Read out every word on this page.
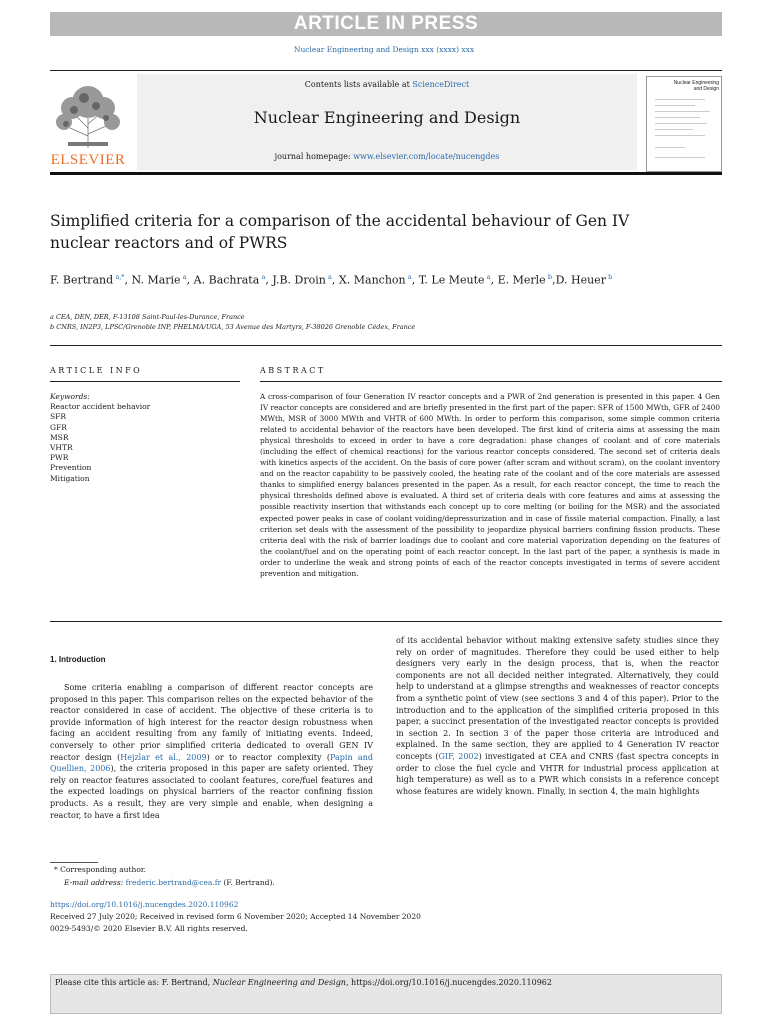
ARTICLE IN PRESS
Nuclear Engineering and Design xxx (xxxx) xxx
ELSEVIER
Contents lists available at ScienceDirect
Nuclear Engineering and Design
journal homepage: www.elsevier.com/locate/nucengdes
Nuclear Engineering and Design
Simplified criteria for a comparison of the accidental behaviour of Gen IV nuclear reactors and of PWRS
F. Bertrand  $^{a,*}$, N. Marie  $^a$, A. Bachrata  $^a$, J.B. Droin  $^a$, X. Manchon  $^a$, T. Le Meute  $^a$, E. Merle  $^b$,D. Heuer  $^b$
a CEA, DEN, DER, F-13108 Saint-Paul-les-Durance, France
b CNRS, IN2P3, LPSC/Grenoble INP, PHELMA/UGA, 53 Avenue des Martyrs, F-38026 Grenoble Cédex, France
ARTICLE INFO	ABSTRACT
Keywords:
Reactor accident behavior
SFR
GFR
MSR
VHTR
PWR
Prevention
Mitigation
A cross-comparison of four Generation IV reactor concepts and a PWR of 2nd generation is presented in this paper. 4 Gen IV reactor concepts are considered and are briefly presented in the first part of the paper: SFR of 1500 MWth, GFR of 2400 MWth, MSR of 3000 MWth and VHTR of 600 MWth. In order to perform this comparison, some simple common criteria related to accidental behavior of the reactors have been developed. The first kind of criteria aims at assessing the main physical thresholds to exceed in order to have a core degradation: phase changes of coolant and of core materials (including the effect of chemical reactions) for the various reactor concepts considered. The second set of criteria deals with kinetics aspects of the accident. On the basis of core power (after scram and without scram), on the coolant inventory and on the reactor capability to be passively cooled, the heating rate of the coolant and of the core materials are assessed thanks to simplified energy balances presented in the paper. As a result, for each reactor concept, the time to reach the physical thresholds defined above is evaluated. A third set of criteria deals with core features and aims at assessing the possible reactivity insertion that withstands each concept up to core melting (or boiling for the MSR) and the associated expected power peaks in case of coolant voiding/depressurization and in case of fissile material compaction. Finally, a last criterion set deals with the assessment of the possibility to jeopardize physical barriers confining fission products. These criteria deal with the risk of barrier loadings due to coolant and core material vaporization depending on the features of the coolant/fuel and on the operating point of each reactor concept. In the last part of the paper, a synthesis is made in order to underline the weak and strong points of each of the reactor concepts investigated in terms of severe accident prevention and mitigation.
1. Introduction

Some criteria enabling a comparison of different reactor concepts are proposed in this paper. This comparison relies on the expected behavior of the reactor considered in case of accident. The objective of these criteria is to provide information of high interest for the reactor design robustness when facing an accident resulting from any family of initiating events. Indeed, conversely to other prior simplified criteria dedicated to overall GEN IV reactor design (Hejzlar et al., 2009) or to reactor complexity (Papin and Quellien, 2006), the criteria proposed in this paper are safety oriented. They rely on reactor features associated to coolant features, core/fuel features and the expected loadings on physical barriers of the reactor confining fission products. As a result, they are very simple and enable, when designing a reactor, to have a first idea

of its accidental behavior without making extensive safety studies since they rely on order of magnitudes. Therefore they could be used either to help designers very early in the design process, that is, when the reactor components are not all decided neither integrated. Alternatively, they could help to understand at a glimpse strengths and weaknesses of reactor concepts from a synthetic point of view (see sections 3 and 4 of this paper). Prior to the introduction and to the application of the simplified criteria proposed in this paper, a succinct presentation of the investigated reactor concepts is provided in section 2. In section 3 of the paper those criteria are introduced and explained. In the same section, they are applied to 4 Generation IV reactor concepts (GIF, 2002) investigated at CEA and CNRS (fast spectra concepts in order to close the fuel cycle and VHTR for industrial process application at high temperature) as well as to a PWR which consists in a reference concept whose features are widely known. Finally, in section 4, the main highlights

* Corresponding author.
E-mail address: frederic.bertrand@cea.fr (F. Bertrand).
https://doi.org/10.1016/j.nucengdes.2020.110962
Received 27 July 2020; Received in revised form 6 November 2020; Accepted 14 November 2020
0029-5493/© 2020 Elsevier B.V. All rights reserved.
Please cite this article as: F. Bertrand, Nuclear Engineering and Design, https://doi.org/10.1016/j.nucengdes.2020.110962
